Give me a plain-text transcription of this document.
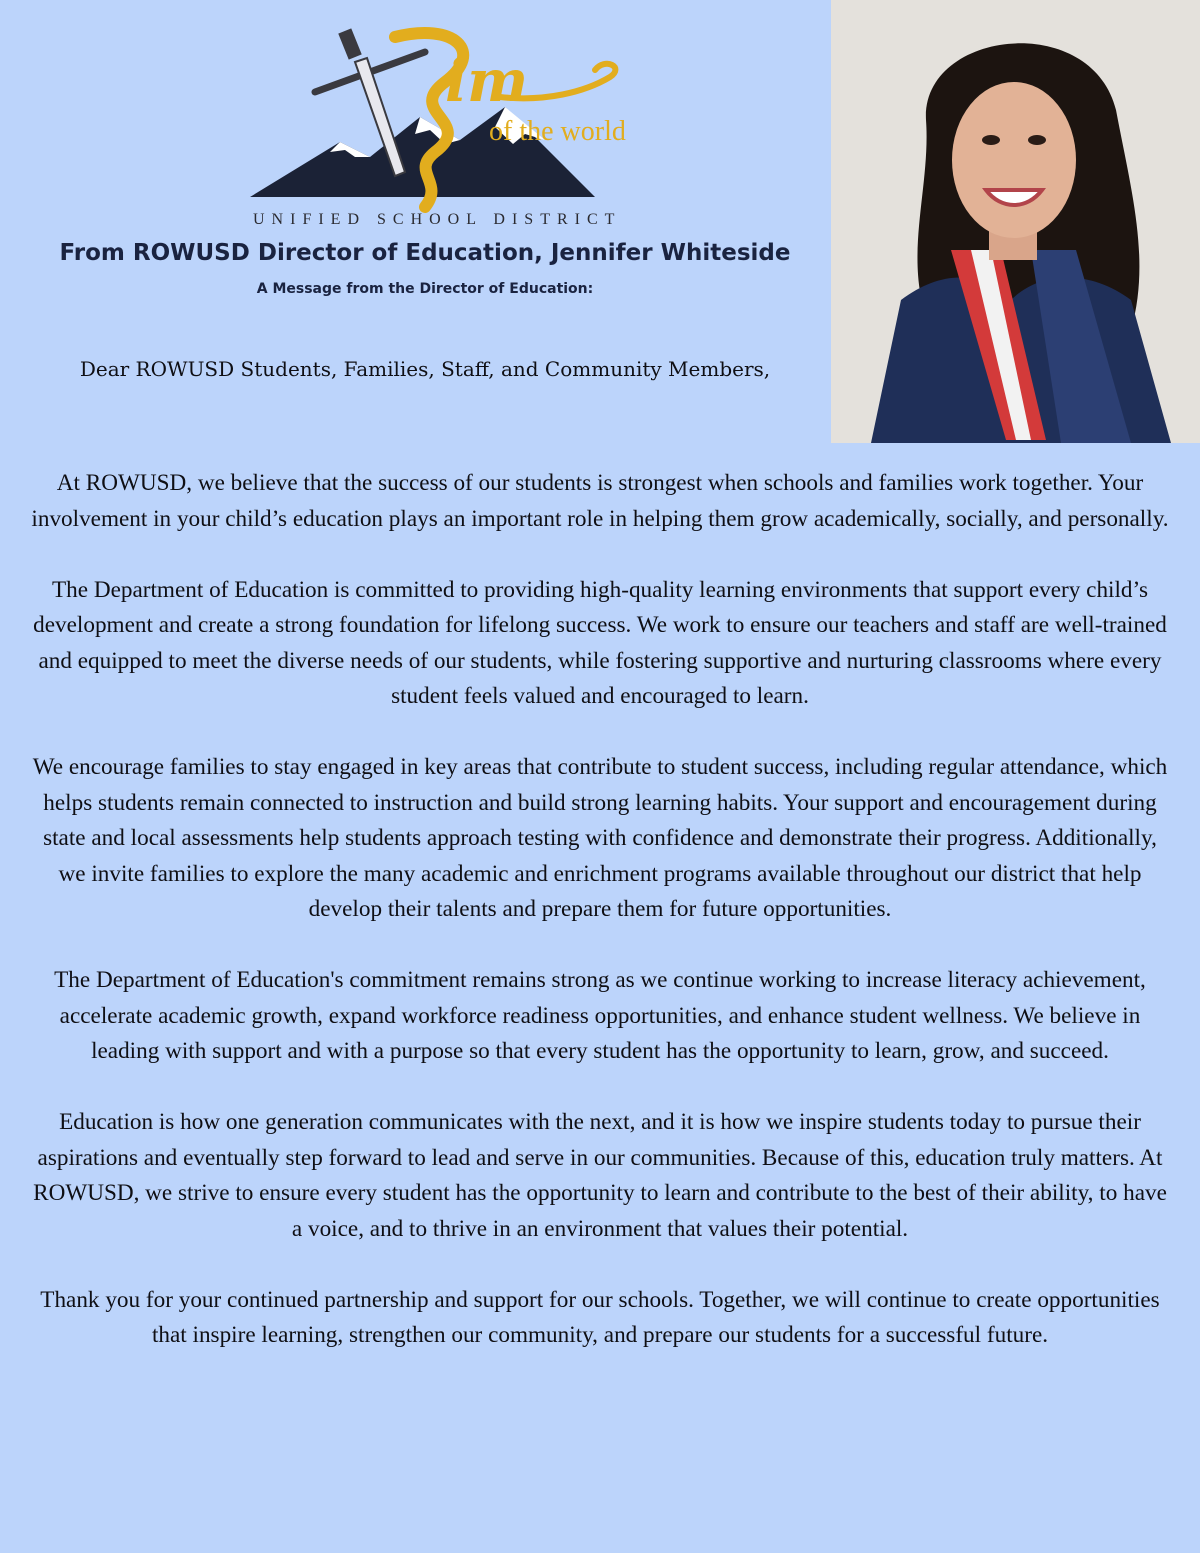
im
of the world
UNIFIED SCHOOL DISTRICT
From ROWUSD Director of Education, Jennifer Whiteside
A Message from the Director of Education:
Dear ROWUSD Students, Families, Staff, and Community Members,

At ROWUSD, we believe that the success of our students is strongest when schools and families work together. Your involvement in your child’s education plays an important role in helping them grow academically, socially, and personally.

The Department of Education is committed to providing high-quality learning environments that support every child’s development and create a strong foundation for lifelong success. We work to ensure our teachers and staff are well-trained and equipped to meet the diverse needs of our students, while fostering supportive and nurturing classrooms where every student feels valued and encouraged to learn.

We encourage families to stay engaged in key areas that contribute to student success, including regular attendance, which helps students remain connected to instruction and build strong learning habits. Your support and encouragement during state and local assessments help students approach testing with confidence and demonstrate their progress. Additionally, we invite families to explore the many academic and enrichment programs available throughout our district that help develop their talents and prepare them for future opportunities.

The Department of Education's commitment remains strong as we continue working to increase literacy achievement, accelerate academic growth, expand workforce readiness opportunities, and enhance student wellness. We believe in leading with support and with a purpose so that every student has the opportunity to learn, grow, and succeed.

Education is how one generation communicates with the next, and it is how we inspire students today to pursue their aspirations and eventually step forward to lead and serve in our communities. Because of this, education truly matters. At ROWUSD, we strive to ensure every student has the opportunity to learn and contribute to the best of their ability, to have a voice, and to thrive in an environment that values their potential.

Thank you for your continued partnership and support for our schools. Together, we will continue to create opportunities that inspire learning, strengthen our community, and prepare our students for a successful future.
